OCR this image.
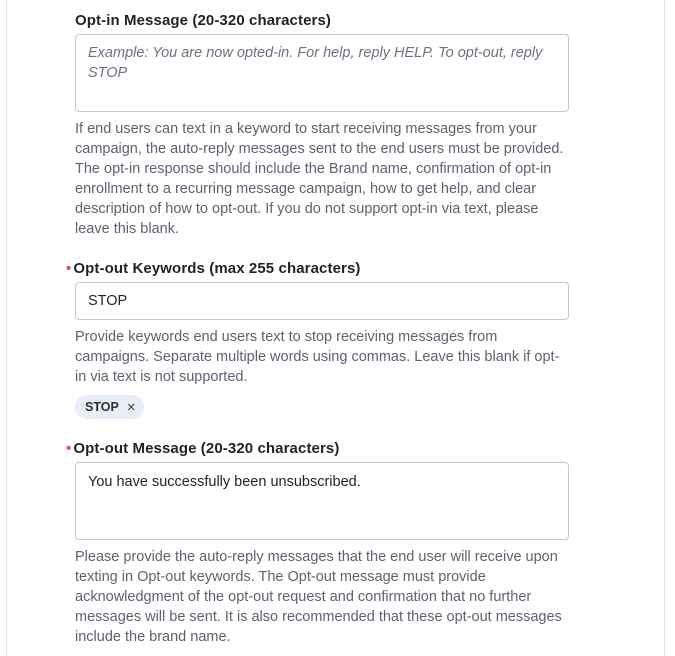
Opt-in Message (20-320 characters)
Example: You are now opted-in. For help, reply HELP. To opt-out, reply STOP
If end users can text in a keyword to start receiving messages from your campaign, the auto-reply messages sent to the end users must be provided. The opt-in response should include the Brand name, confirmation of opt-in enrollment to a recurring message campaign, how to get help, and clear description of how to opt-out. If you do not support opt-in via text, please leave this blank.
• Opt-out Keywords (max 255 characters)
STOP
Provide keywords end users text to stop receiving messages from campaigns. Separate multiple words using commas. Leave this blank if opt-in via text is not supported.
STOP ×
• Opt-out Message (20-320 characters)
You have successfully been unsubscribed.
Please provide the auto-reply messages that the end user will receive upon texting in Opt-out keywords. The Opt-out message must provide acknowledgment of the opt-out request and confirmation that no further messages will be sent. It is also recommended that these opt-out messages include the brand name.
